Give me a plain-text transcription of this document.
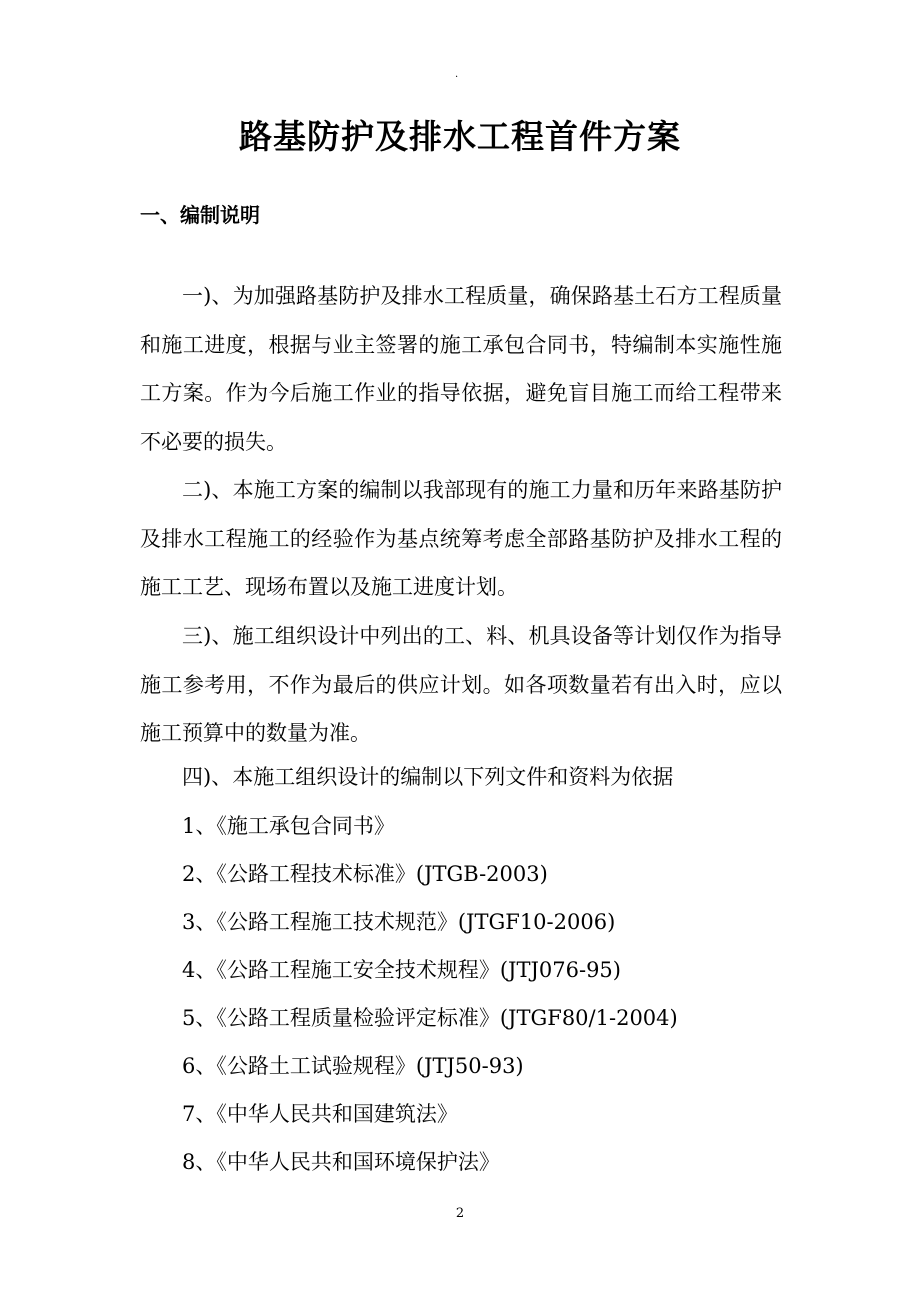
.
路基防护及排水工程首件方案
一、编制说明

一)、为加强路基防护及排水工程质量，确保路基土石方工程质量和施工进度，根据与业主签署的施工承包合同书，特编制本实施性施工方案。作为今后施工作业的指导依据，避免盲目施工而给工程带来不必要的损失。

二)、本施工方案的编制以我部现有的施工力量和历年来路基防护及排水工程施工的经验作为基点统筹考虑全部路基防护及排水工程的施工工艺、现场布置以及施工进度计划。

三)、施工组织设计中列出的工、料、机具设备等计划仅作为指导施工参考用，不作为最后的供应计划。如各项数量若有出入时，应以施工预算中的数量为准。

四)、本施工组织设计的编制以下列文件和资料为依据
1、《施工承包合同书》
2、《公路工程技术标准》(JTGB-2003)
3、《公路工程施工技术规范》(JTGF10-2006)
4、《公路工程施工安全技术规程》(JTJ076-95)
5、《公路工程质量检验评定标准》(JTGF80/1-2004)
6、《公路土工试验规程》(JTJ50-93)
7、《中华人民共和国建筑法》
8、《中华人民共和国环境保护法》
2
